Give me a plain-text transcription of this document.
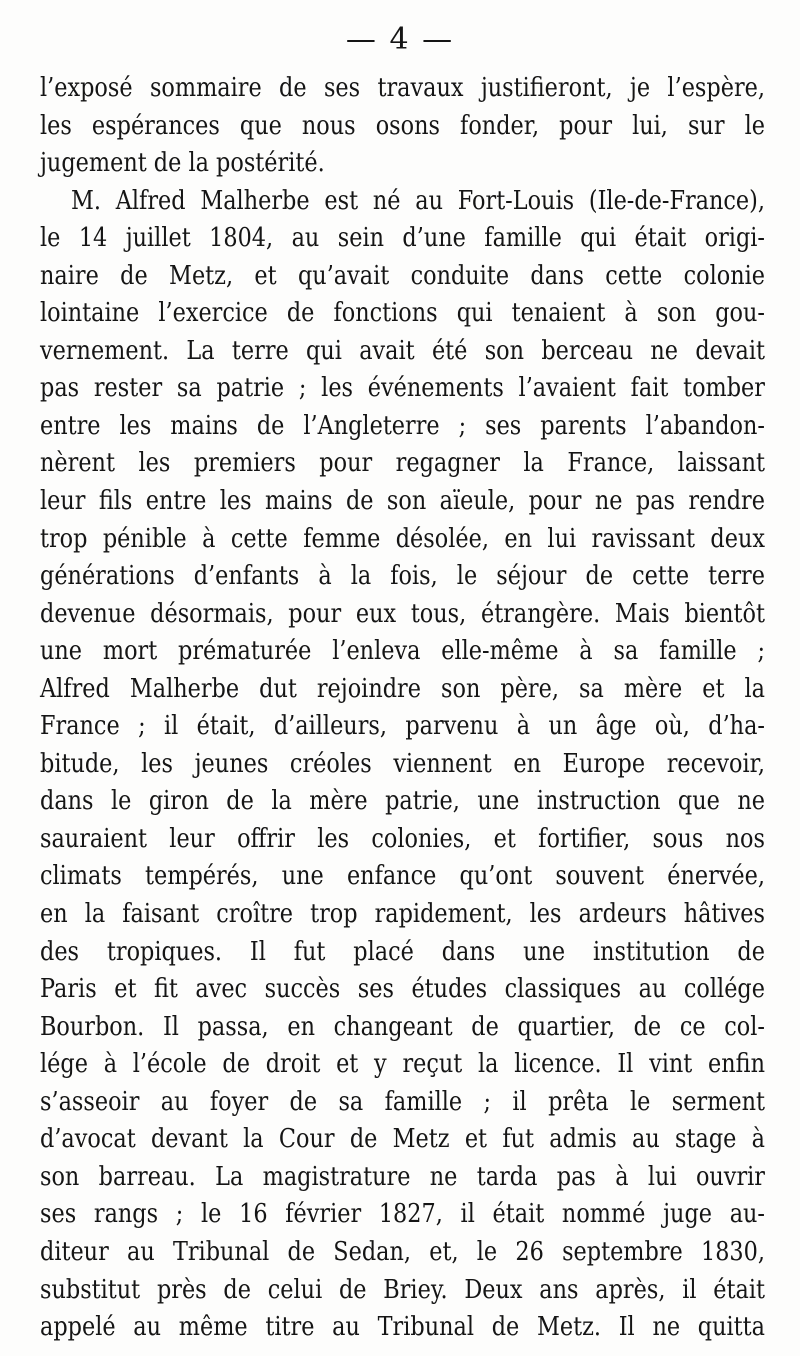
— 4 —
l’exposé sommaire de ses travaux justifieront, je l’espère,
les espérances que nous osons fonder, pour lui, sur le
jugement de la postérité.
M. Alfred Malherbe est né au Fort-Louis (Ile-de-France),
le 14 juillet 1804, au sein d’une famille qui était origi-
naire de Metz, et qu’avait conduite dans cette colonie
lointaine l’exercice de fonctions qui tenaient à son gou-
vernement. La terre qui avait été son berceau ne devait
pas rester sa patrie ; les événements l’avaient fait tomber
entre les mains de l’Angleterre ; ses parents l’abandon-
nèrent les premiers pour regagner la France, laissant
leur fils entre les mains de son aïeule, pour ne pas rendre
trop pénible à cette femme désolée, en lui ravissant deux
générations d’enfants à la fois, le séjour de cette terre
devenue désormais, pour eux tous, étrangère. Mais bientôt
une mort prématurée l’enleva elle-même à sa famille ;
Alfred Malherbe dut rejoindre son père, sa mère et la
France ; il était, d’ailleurs, parvenu à un âge où, d’ha-
bitude, les jeunes créoles viennent en Europe recevoir,
dans le giron de la mère patrie, une instruction que ne
sauraient leur offrir les colonies, et fortifier, sous nos
climats tempérés, une enfance qu’ont souvent énervée,
en la faisant croître trop rapidement, les ardeurs hâtives
des tropiques. Il fut placé dans une institution de
Paris et fit avec succès ses études classiques au collége
Bourbon. Il passa, en changeant de quartier, de ce col-
lége à l’école de droit et y reçut la licence. Il vint enfin
s’asseoir au foyer de sa famille ; il prêta le serment
d’avocat devant la Cour de Metz et fut admis au stage à
son barreau. La magistrature ne tarda pas à lui ouvrir
ses rangs ; le 16 février 1827, il était nommé juge au-
diteur au Tribunal de Sedan, et, le 26 septembre 1830,
substitut près de celui de Briey. Deux ans après, il était
appelé au même titre au Tribunal de Metz. Il ne quitta
